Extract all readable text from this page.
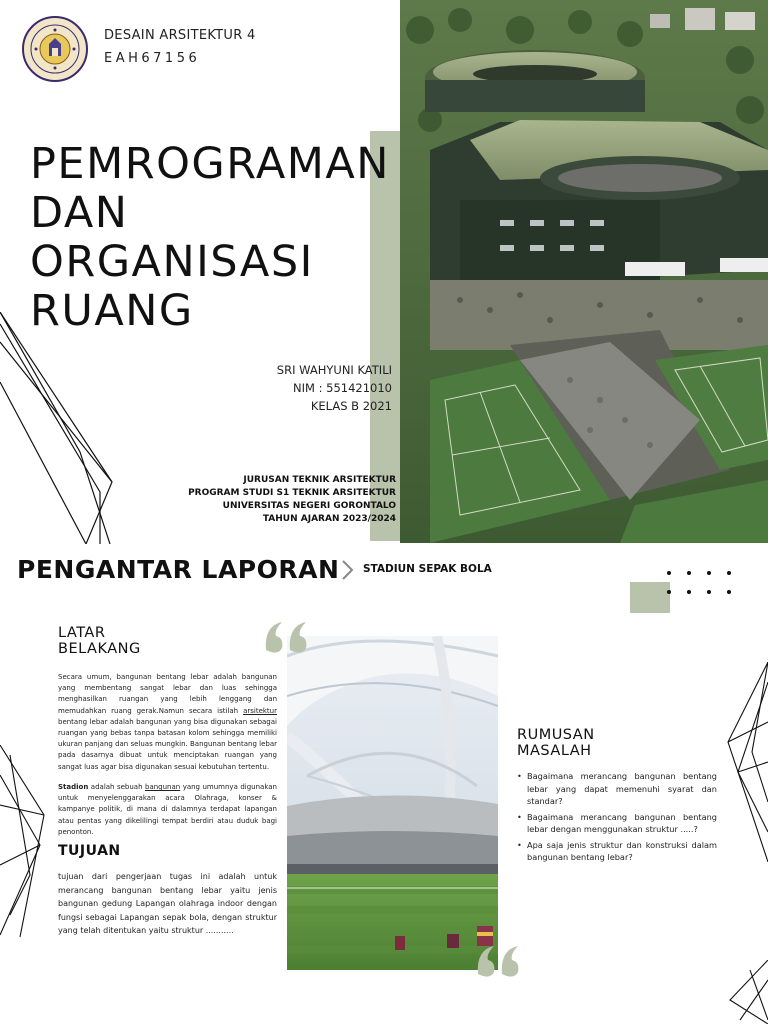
DESAIN ARSITEKTUR 4
EAH67156
PEMROGRAMAN
DAN
ORGANISASI
RUANG
SRI WAHYUNI KATILI
NIM : 551421010
KELAS B 2021
JURUSAN TEKNIK ARSITEKTUR
PROGRAM STUDI S1 TEKNIK ARSITEKTUR
UNIVERSITAS NEGERI GORONTALO
TAHUN AJARAN 2023/2024
PENGANTAR LAPORAN STADIUN SEPAK BOLA
LATAR
BELAKANG
Secara umum, bangunan bentang lebar adalah bangunan yang membentang sangat lebar dan luas sehingga menghasilkan ruangan yang lebih lenggang dan memudahkan ruang gerak.Namun secara istilah arsitektur bentang lebar adalah bangunan yang bisa digunakan sebagai ruangan yang bebas tanpa batasan kolom sehingga memiliki ukuran panjang dan seluas mungkin. Bangunan bentang lebar pada dasarnya dibuat untuk menciptakan ruangan yang sangat luas agar bisa digunakan sesuai kebutuhan tertentu.
Stadion adalah sebuah bangunan yang umumnya digunakan untuk menyelenggarakan acara Olahraga, konser & kampanye politik, di mana di dalamnya terdapat lapangan atau pentas yang dikelilingi tempat berdiri atau duduk bagi penonton.
TUJUAN
tujuan dari pengerjaan tugas ini adalah untuk merancang bangunan bentang lebar yaitu jenis bangunan gedung Lapangan olahraga indoor dengan fungsi sebagai Lapangan sepak bola, dengan struktur yang telah ditentukan yaitu struktur ...........
RUMUSAN
MASALAH
• Bagaimana merancang bangunan bentang lebar yang dapat memenuhi syarat dan standar?
• Bagaimana merancang bangunan bentang lebar dengan menggunakan struktur .....?
• Apa saja jenis struktur dan konstruksi dalam bangunan bentang lebar?
